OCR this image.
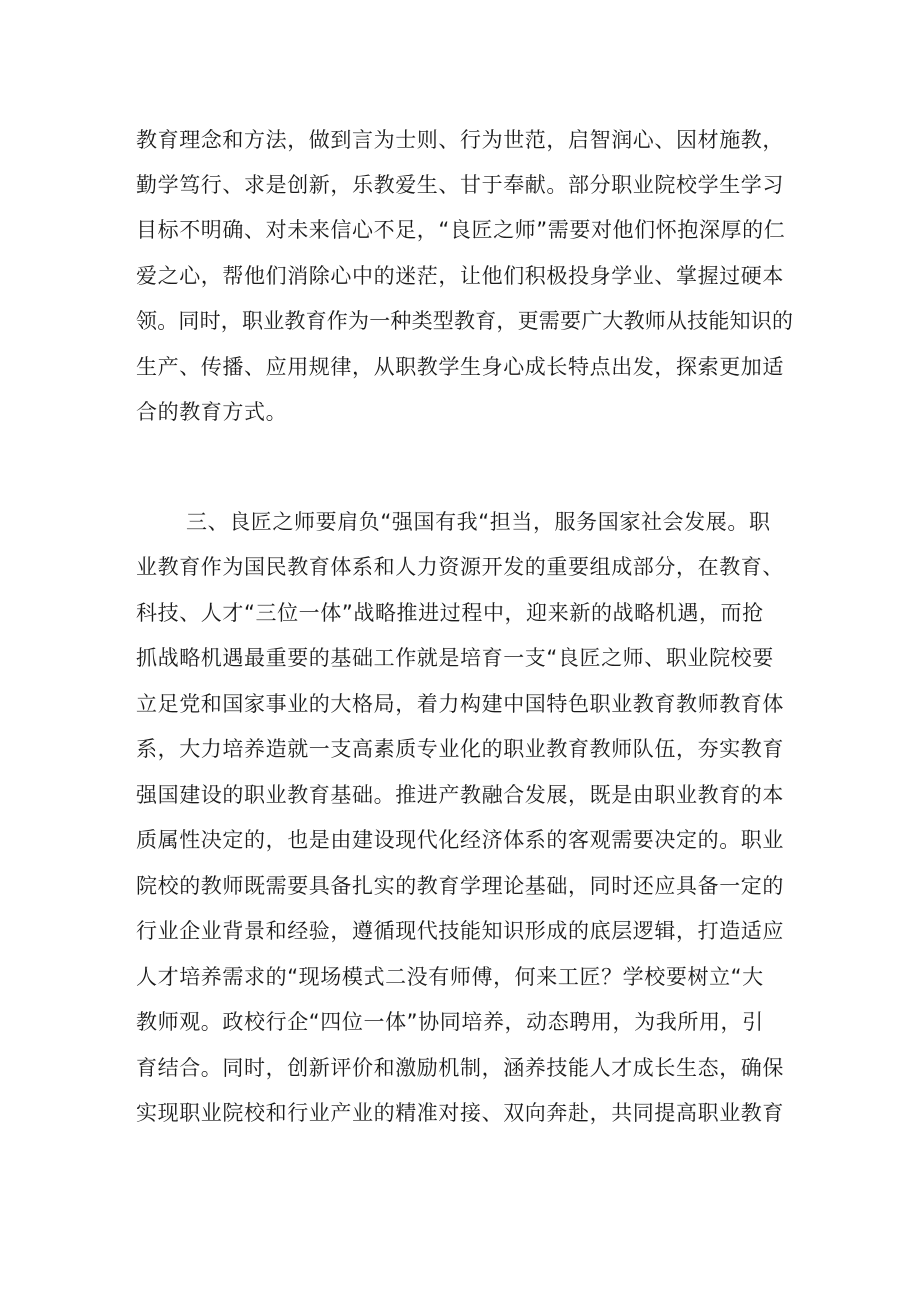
教育理念和方法，做到言为士则、行为世范，启智润心、因材施教，
勤学笃行、求是创新，乐教爱生、甘于奉献。部分职业院校学生学习
目标不明确、对未来信心不足，“良匠之师”需要对他们怀抱深厚的仁
爱之心，帮他们消除心中的迷茫，让他们积极投身学业、掌握过硬本
领。同时，职业教育作为一种类型教育，更需要广大教师从技能知识的
生产、传播、应用规律，从职教学生身心成长特点出发，探索更加适
合的教育方式。
三、良匠之师要肩负“强国有我“担当，服务国家社会发展。职
业教育作为国民教育体系和人力资源开发的重要组成部分，在教育、
科技、人才“三位一体”战略推进过程中，迎来新的战略机遇，而抢
抓战略机遇最重要的基础工作就是培育一支“良匠之师、职业院校要
立足党和国家事业的大格局，着力构建中国特色职业教育教师教育体
系，大力培养造就一支高素质专业化的职业教育教师队伍，夯实教育
强国建设的职业教育基础。推进产教融合发展，既是由职业教育的本
质属性决定的，也是由建设现代化经济体系的客观需要决定的。职业
院校的教师既需要具备扎实的教育学理论基础，同时还应具备一定的
行业企业背景和经验，遵循现代技能知识形成的底层逻辑，打造适应
人才培养需求的“现场模式二没有师傅，何来工匠？学校要树立“大
教师观。政校行企“四位一体”协同培养，动态聘用，为我所用，引
育结合。同时，创新评价和激励机制，涵养技能人才成长生态，确保
实现职业院校和行业产业的精准对接、双向奔赴，共同提高职业教育
